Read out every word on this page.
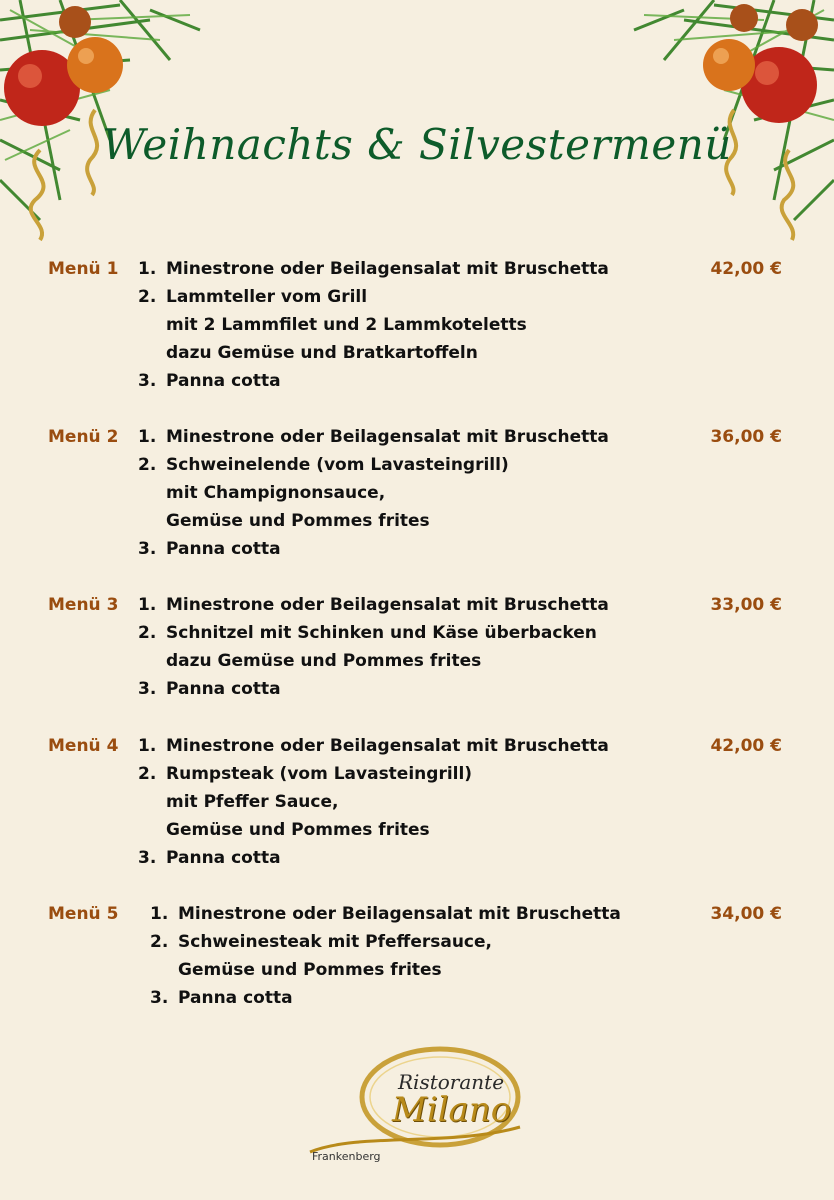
Weihnachts & Silvestermenü
Menü 1 1. Minestrone oder Beilagensalat mit Bruschetta
2. Lammteller vom Grill
mit 2 Lammfilet und 2 Lammkoteletts
dazu Gemüse und Bratkartoffeln
3. Panna cotta
42,00 €
Menü 2 1. Minestrone oder Beilagensalat mit Bruschetta
2. Schweinelende (vom Lavasteingrill)
mit Champignonsauce,
Gemüse und Pommes frites
3. Panna cotta
36,00 €
Menü 3 1. Minestrone oder Beilagensalat mit Bruschetta
2. Schnitzel mit Schinken und Käse überbacken
dazu Gemüse und Pommes frites
3. Panna cotta
33,00 €
Menü 4 1. Minestrone oder Beilagensalat mit Bruschetta
2. Rumpsteak (vom Lavasteingrill)
mit Pfeffer Sauce,
Gemüse und Pommes frites
3. Panna cotta
42,00 €
Menü 5 1. Minestrone oder Beilagensalat mit Bruschetta
2. Schweinesteak mit Pfeffersauce,
Gemüse und Pommes frites
3. Panna cotta
34,00 €
Ristorante
Milano
Frankenberg
